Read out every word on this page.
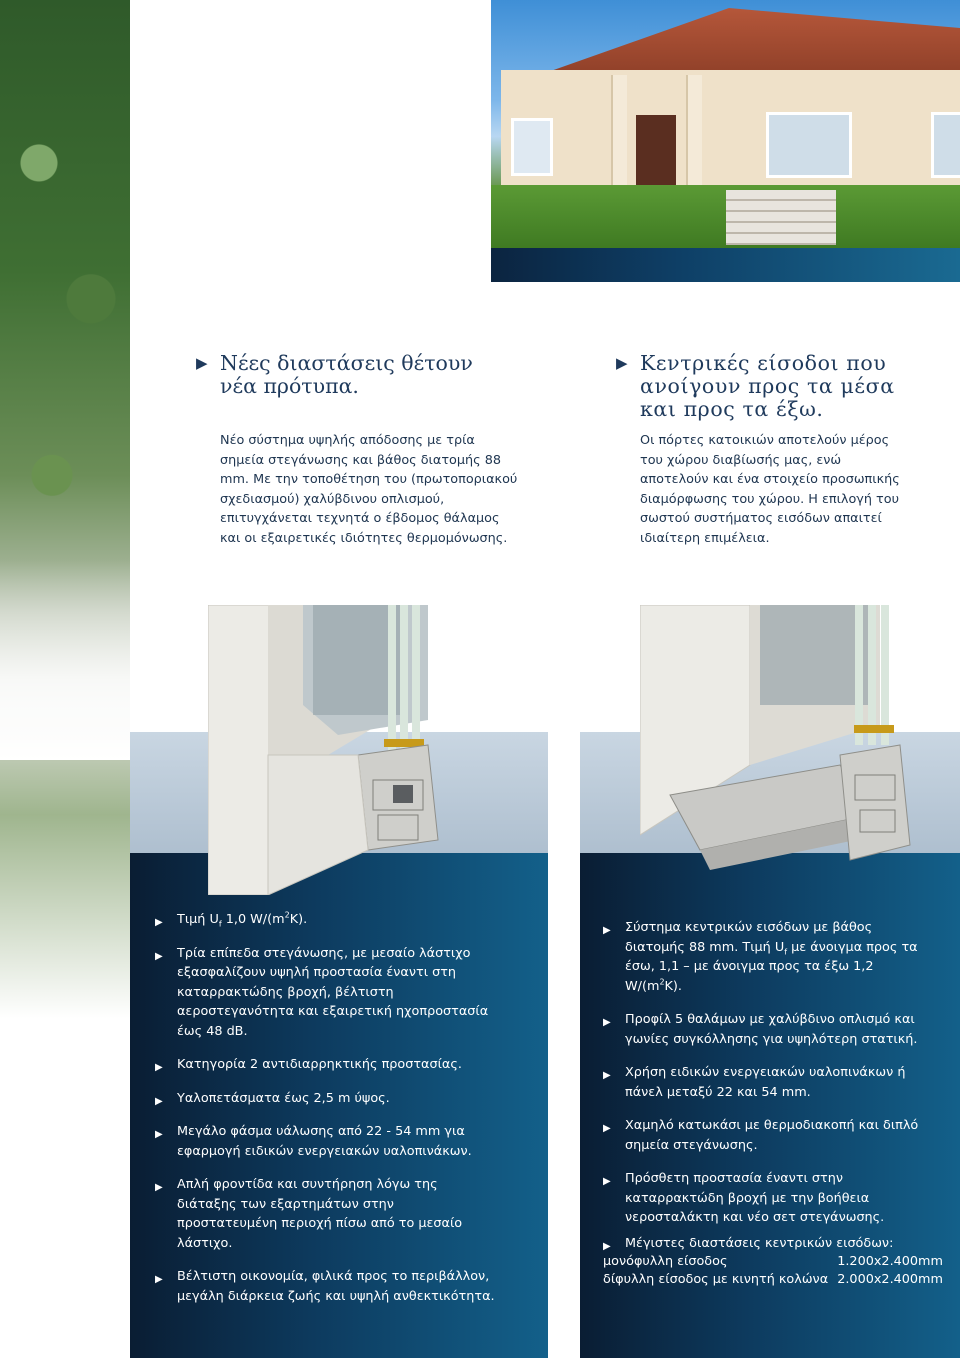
▶ Νέες διαστάσεις θέτουν νέα πρότυπα.

▶ Κεντρικές είσοδοι που ανοίγουν προς τα μέσα και προς τα έξω.

Νέο σύστημα υψηλής απόδοσης με τρία σημεία στεγάνωσης και βάθος διατομής 88 mm. Με την τοποθέτηση του (πρωτοποριακού σχεδιασμού) χαλύβδινου οπλισμού, επιτυγχάνεται τεχνητά ο έβδομος θάλαμος και οι εξαιρετικές ιδιότητες θερμομόνωσης.

Οι πόρτες κατοικιών αποτελούν μέρος του χώρου διαβίωσής μας, ενώ αποτελούν και ένα στοιχείο προσωπικής διαμόρφωσης του χώρου. Η επιλογή του σωστού συστήματος εισόδων απαιτεί ιδιαίτερη επιμέλεια.

▶ Τιμή $U_f$ 1,0 $W/(m^2K)$.
▶ Τρία επίπεδα στεγάνωσης, με μεσαίο λάστιχο εξασφαλίζουν υψηλή προστασία έναντι στη καταρρακτώδης βροχή, βέλτιστη αεροστεγανότητα και εξαιρετική ηχοπροστασία έως 48 dB.
▶ Κατηγορία 2 αντιδιαρρηκτικής προστασίας.
▶ Υαλοπετάσματα έως 2,5 m ύψος.
▶ Μεγάλο φάσμα υάλωσης από 22 - 54 mm για εφαρμογή ειδικών ενεργειακών υαλοπινάκων.
▶ Απλή φροντίδα και συντήρηση λόγω της διάταξης των εξαρτημάτων στην προστατευμένη περιοχή πίσω από το μεσαίο λάστιχο.
▶ Βέλτιστη οικονομία, φιλικά προς το περιβάλλον, μεγάλη διάρκεια ζωής και υψηλή ανθεκτικότητα.
▶ Σύστημα κεντρικών εισόδων με βάθος διατομής 88 mm. Τιμή $U_f$ με άνοιγμα προς τα έσω, 1,1 – με άνοιγμα προς τα έξω 1,2 $W/(m^2K)$.
▶ Προφίλ 5 θαλάμων με χαλύβδινο οπλισμό και γωνίες συγκόλλησης για υψηλότερη στατική.
▶ Χρήση ειδικών ενεργειακών υαλοπινάκων ή πάνελ μεταξύ 22 και 54 mm.
▶ Χαμηλό κατωκάσι με θερμοδιακοπή και διπλό σημεία στεγάνωσης.
▶ Πρόσθετη προστασία έναντι στην καταρρακτώδη βροχή με την βοήθεια νεροσταλάκτη και νέο σετ στεγάνωσης.
▶ Μέγιστες διαστάσεις κεντρικών εισόδων:
μονόφυλλη είσοδος	1.200x2.400mm
δίφυλλη είσοδος με κινητή κολώνα 2.000x2.400mm
